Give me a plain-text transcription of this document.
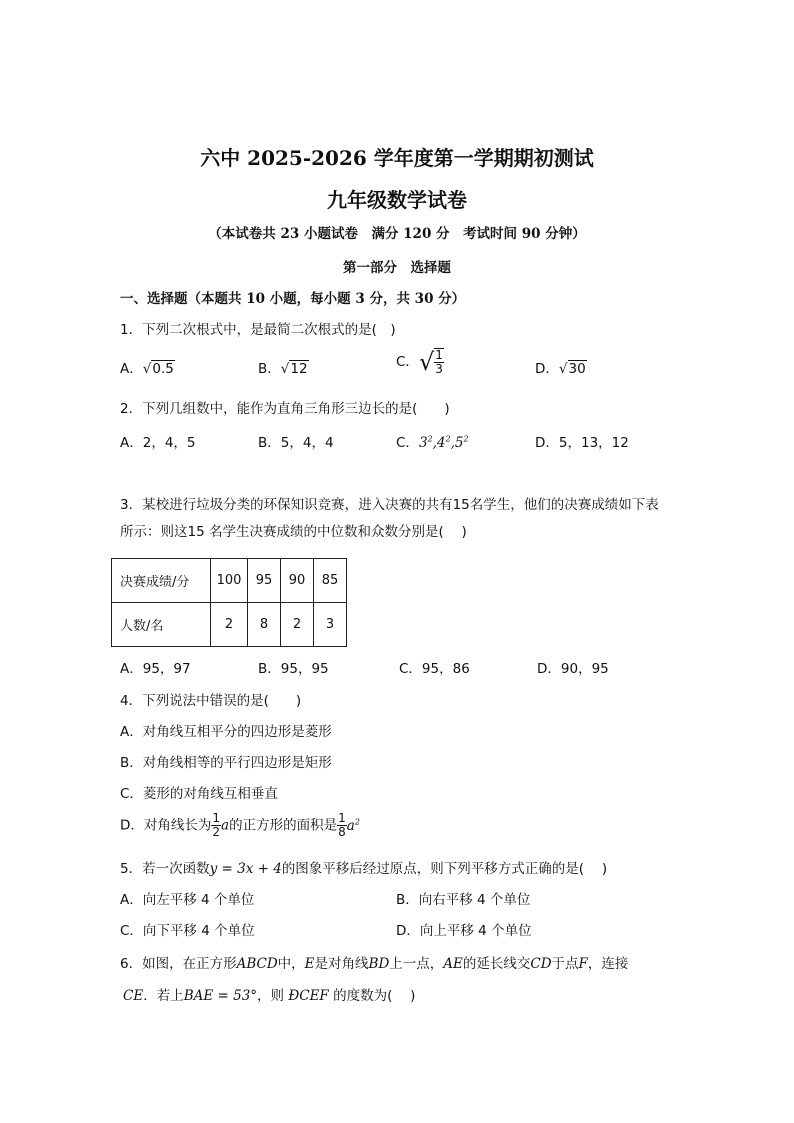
六中 2025-2026 学年度第一学期期初测试
九年级数学试卷
（本试卷共 23 小题试卷　满分 120 分　考试时间 90 分钟）
第一部分　选择题
一、选择题（本题共 10 小题，每小题 3 分，共 30 分）
1．下列二次根式中，是最简二次根式的是(　)
A．√0.5	B．√12	C．√ $\frac{1}{3}$	D．√30
2．下列几组数中，能作为直角三角形三边长的是(　　)
A．2，4，5	B．5，4，4	C．$3^2,4^2,5^2$	D．5，13，12
3．某校进行垃圾分类的环保知识竞赛，进入决赛的共有15名学生，他们的决赛成绩如下表
所示：则这15 名学生决赛成绩的中位数和众数分别是(　 )
决赛成绩/分	100	95	90	85
人数/名	2	8	2	3
A．95，97	B．95，95	C．95，86	D．90，95
4．下列说法中错误的是(　　)
A．对角线互相平分的四边形是菱形
B．对角线相等的平行四边形是矩形
C．菱形的对角线互相垂直
D．对角线长为 $\frac{1}{2}$ a的正方形的面积是 $\frac{1}{8} a^2$
5．若一次函数y = 3x + 4的图象平移后经过原点，则下列平移方式正确的是(　 )
A．向左平移 4 个单位	B．向右平移 4 个单位
C．向下平移 4 个单位	D．向上平移 4 个单位
6．如图，在正方形ABCD中，E是对角线BD上一点，AE的延长线交CD于点F，连接
CE．若上BAE = 53°，则 ÐCEF 的度数为(　 )
